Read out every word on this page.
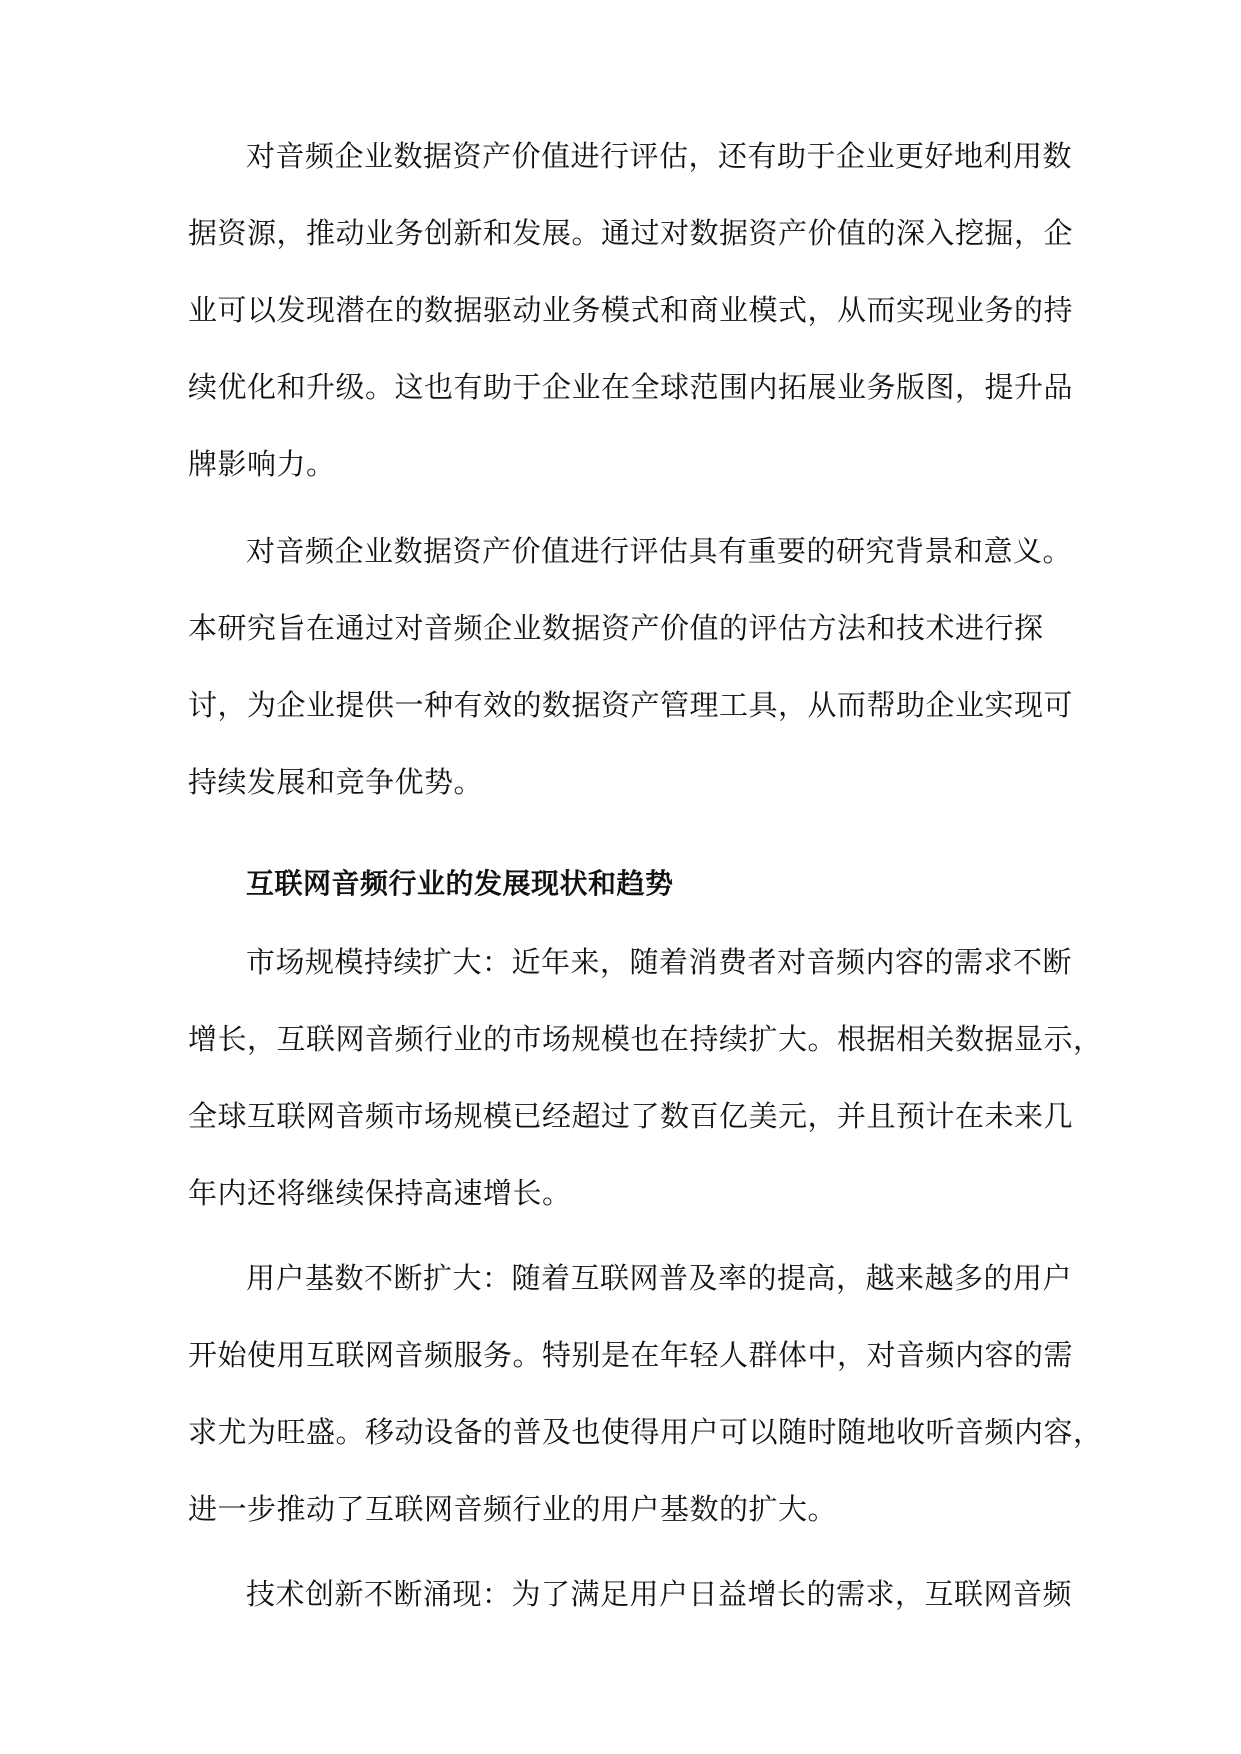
对音频企业数据资产价值进行评估，还有助于企业更好地利用数
据资源，推动业务创新和发展。通过对数据资产价值的深入挖掘，企
业可以发现潜在的数据驱动业务模式和商业模式，从而实现业务的持
续优化和升级。这也有助于企业在全球范围内拓展业务版图，提升品
牌影响力。
对音频企业数据资产价值进行评估具有重要的研究背景和意义。
本研究旨在通过对音频企业数据资产价值的评估方法和技术进行探
讨，为企业提供一种有效的数据资产管理工具，从而帮助企业实现可
持续发展和竞争优势。
互联网音频行业的发展现状和趋势
市场规模持续扩大：近年来，随着消费者对音频内容的需求不断
增长，互联网音频行业的市场规模也在持续扩大。根据相关数据显示，
全球互联网音频市场规模已经超过了数百亿美元，并且预计在未来几
年内还将继续保持高速增长。
用户基数不断扩大：随着互联网普及率的提高，越来越多的用户
开始使用互联网音频服务。特别是在年轻人群体中，对音频内容的需
求尤为旺盛。移动设备的普及也使得用户可以随时随地收听音频内容，
进一步推动了互联网音频行业的用户基数的扩大。
技术创新不断涌现：为了满足用户日益增长的需求，互联网音频
